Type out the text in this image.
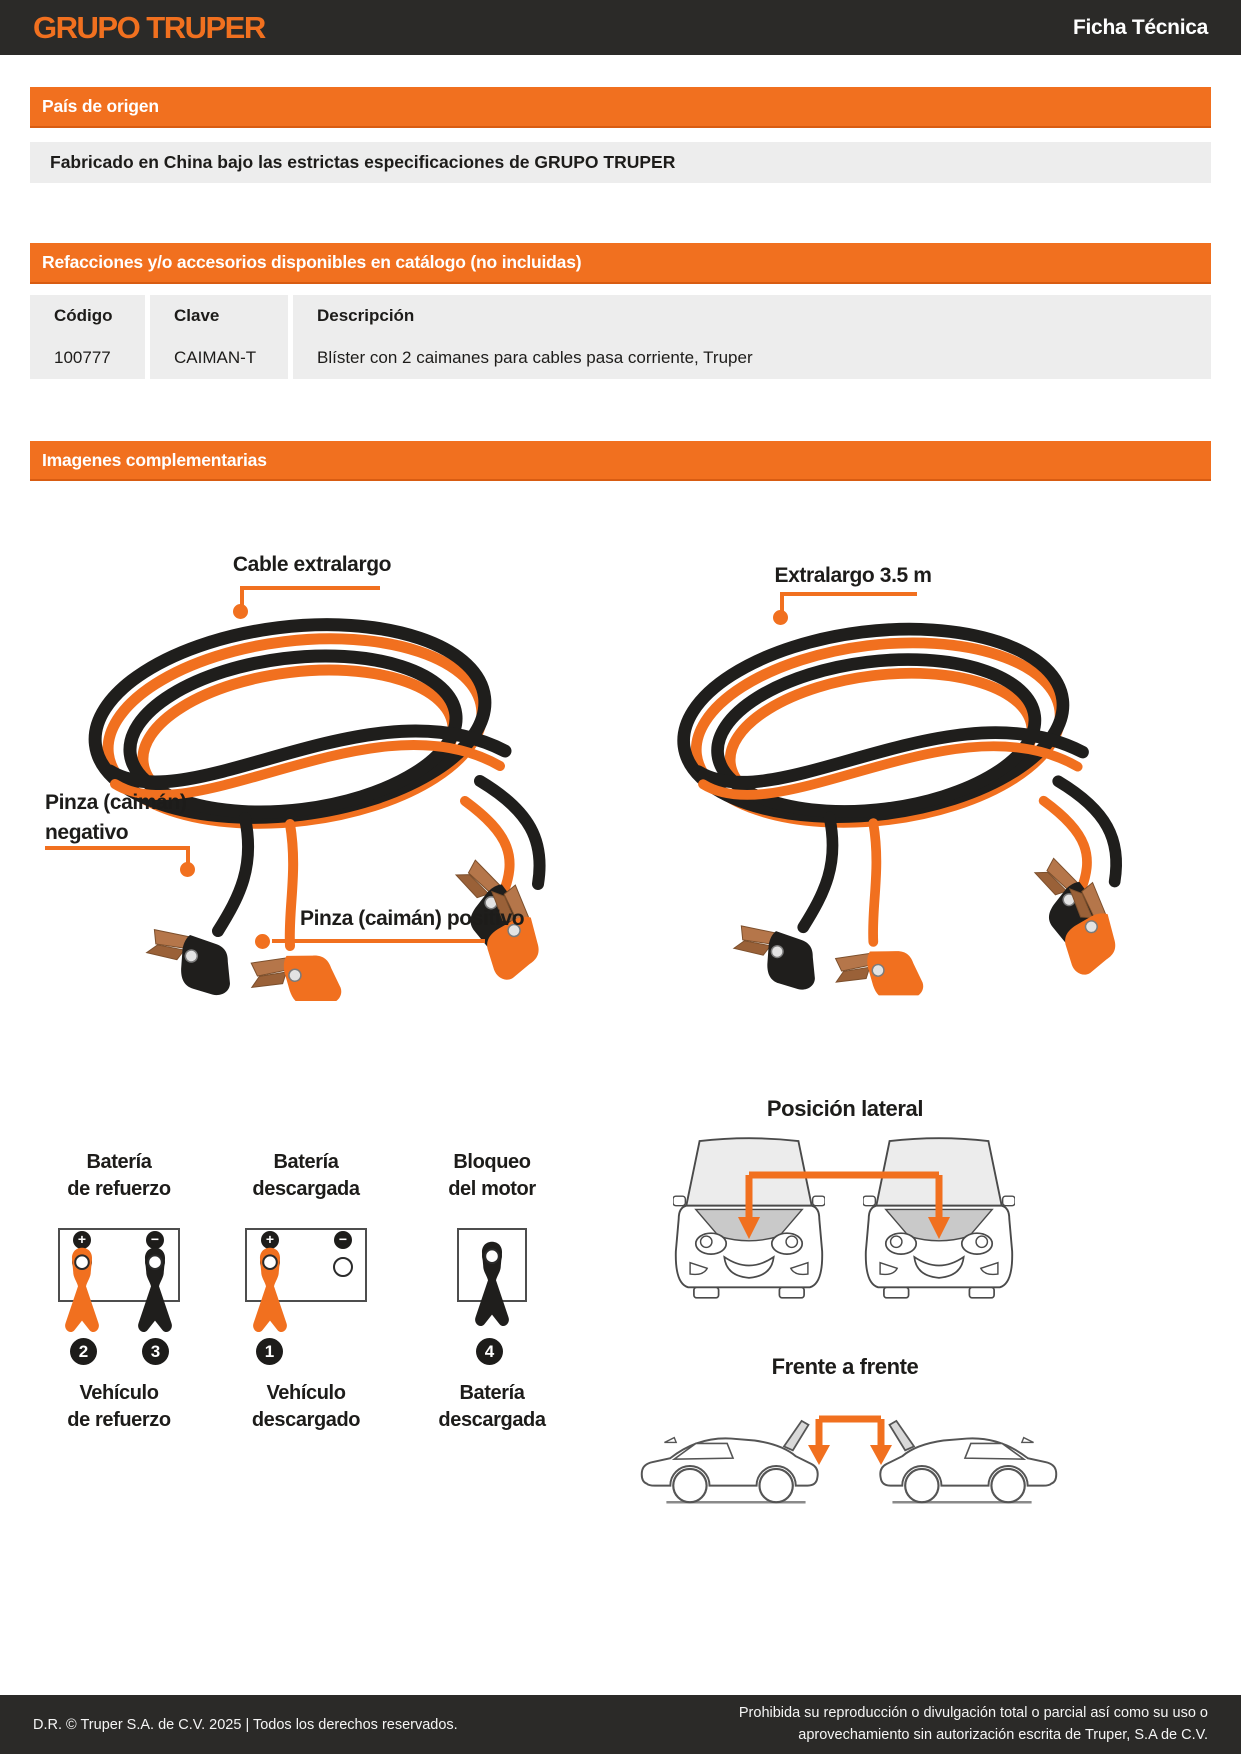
GRUPO TRUPER	Ficha Técnica
País de origen
Fabricado en China bajo las estrictas especificaciones de GRUPO TRUPER
Refacciones y/o accesorios disponibles en catálogo (no incluidas)
Código	Clave	Descripción
100777	CAIMAN-T	Blíster con 2 caimanes para cables pasa corriente, Truper
Imagenes complementarias
Cable extralargo
Pinza (caimán)
negativo
Pinza (caimán) positivo
Extralargo 3.5 m
Batería
de refuerzo
+	−
2	3
Vehículo
de refuerzo
Batería
descargada
+	−
1
Vehículo
descargado
Bloqueo
del motor
4
Batería
descargada
Posición lateral
Frente a frente
D.R. © Truper S.A. de C.V. 2025 | Todos los derechos reservados.
Prohibida su reproducción o divulgación total o parcial así como su uso o
aprovechamiento sin autorización escrita de Truper, S.A de C.V.
